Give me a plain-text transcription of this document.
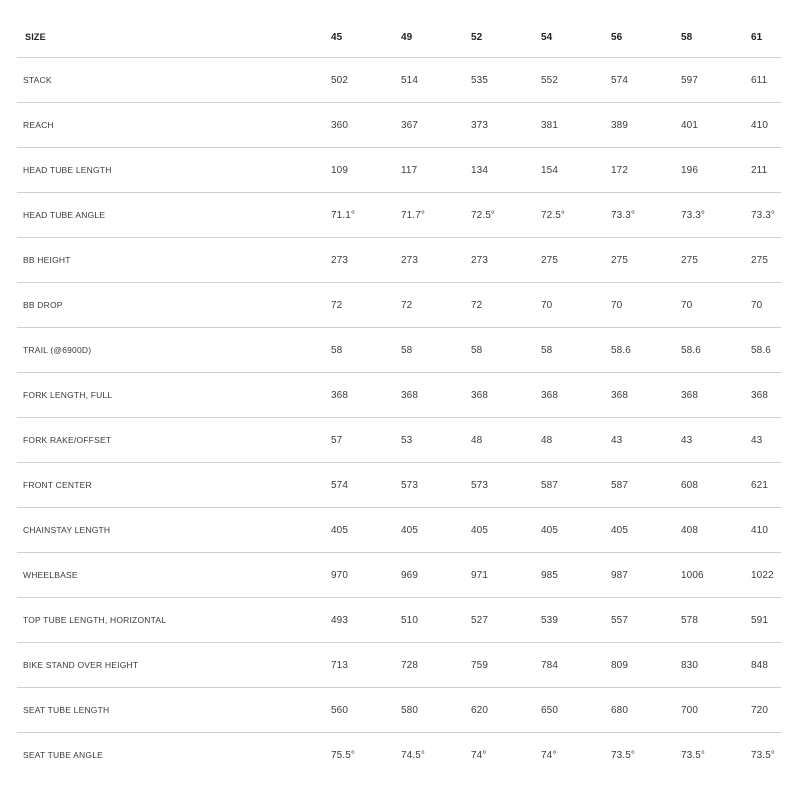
SIZE	45	49	52	54	56	58	61
STACK	502	514	535	552	574	597	611
REACH	360	367	373	381	389	401	410
HEAD TUBE LENGTH	109	117	134	154	172	196	211
HEAD TUBE ANGLE	71.1°	71.7°	72.5°	72.5°	73.3°	73.3°	73.3°
BB HEIGHT	273	273	273	275	275	275	275
BB DROP	72	72	72	70	70	70	70
TRAIL (@6900D)	58	58	58	58	58.6	58.6	58.6
FORK LENGTH, FULL	368	368	368	368	368	368	368
FORK RAKE/OFFSET	57	53	48	48	43	43	43
FRONT CENTER	574	573	573	587	587	608	621
CHAINSTAY LENGTH	405	405	405	405	405	408	410
WHEELBASE	970	969	971	985	987	1006	1022
TOP TUBE LENGTH, HORIZONTAL	493	510	527	539	557	578	591
BIKE STAND OVER HEIGHT	713	728	759	784	809	830	848
SEAT TUBE LENGTH	560	580	620	650	680	700	720
SEAT TUBE ANGLE	75.5°	74.5°	74°	74°	73.5°	73.5°	73.5°
